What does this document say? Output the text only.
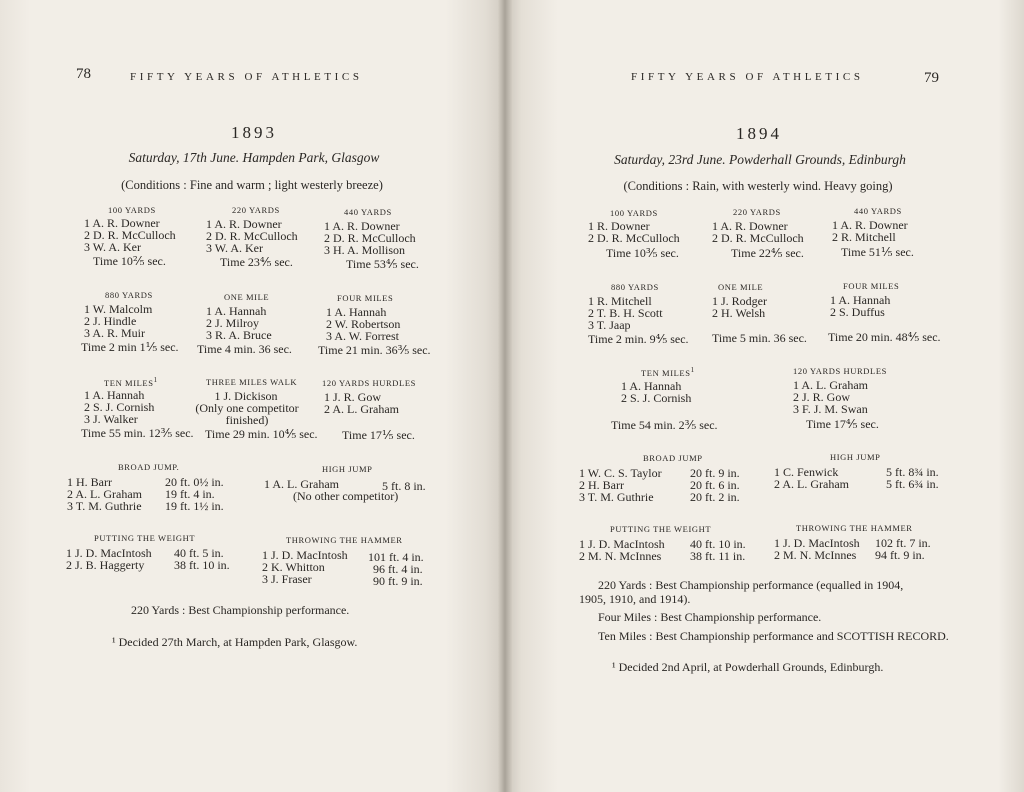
78	FIFTY YEARS OF ATHLETICS
1893
Saturday, 17th June. Hampden Park, Glasgow
(Conditions : Fine and warm ; light westerly breeze)
100 YARDS
1 A. R. Downer
2 D. R. McCulloch
3 W. A. Ker
Time 10⅖ sec.
220 YARDS
1 A. R. Downer
2 D. R. McCulloch
3 W. A. Ker
Time 23⅘ sec.
440 YARDS
1 A. R. Downer
2 D. R. McCulloch
3 H. A. Mollison
Time 53⅘ sec.
880 YARDS
1 W. Malcolm
2 J. Hindle
3 A. R. Muir
Time 2 min 1⅕ sec.
ONE MILE
1 A. Hannah
2 J. Milroy
3 R. A. Bruce
Time 4 min. 36 sec.
FOUR MILES
1 A. Hannah
2 W. Robertson
3 A. W. Forrest
Time 21 min. 36⅗ sec.
TEN MILES$^1$
1 A. Hannah
2 S. J. Cornish
3 J. Walker
Time 55 min. 12⅗ sec.
THREE MILES WALK
1 J. Dickison
(Only one competitor
finished)
Time 29 min. 10⅘ sec.
120 YARDS HURDLES
1 J. R. Gow
2 A. L. Graham
Time 17⅕ sec.
BROAD JUMP.
1 H. Barr	20 ft. 0½ in.
2 A. L. Graham 19 ft. 4 in.
3 T. M. Guthrie 19 ft. 1½ in.
HIGH JUMP
1 A. L. Graham	5 ft. 8 in.
(No other competitor)
PUTTING THE WEIGHT
1 J. D. MacIntosh 40 ft. 5 in.
2 J. B. Haggerty 38 ft. 10 in.
THROWING THE HAMMER
1 J. D. MacIntosh 101 ft. 4 in.
2 K. Whitton	96 ft. 4 in.
3 J. Fraser	90 ft. 9 in.
220 Yards : Best Championship performance.
¹ Decided 27th March, at Hampden Park, Glasgow.
FIFTY YEARS OF ATHLETICS	79
1894
Saturday, 23rd June. Powderhall Grounds, Edinburgh
(Conditions : Rain, with westerly wind. Heavy going)
100 YARDS
1 R. Downer
2 D. R. McCulloch
Time 10⅗ sec.
220 YARDS
1 A. R. Downer
2 D. R. McCulloch
Time 22⅘ sec.
440 YARDS
1 A. R. Downer
2 R. Mitchell
Time 51⅕ sec.
880 YARDS
1 R. Mitchell
2 T. B. H. Scott
3 T. Jaap
Time 2 min. 9⅘ sec.
ONE MILE
1 J. Rodger
2 H. Welsh
Time 5 min. 36 sec.
FOUR MILES
1 A. Hannah
2 S. Duffus
Time 20 min. 48⅘ sec.
TEN MILES$^1$
1 A. Hannah
2 S. J. Cornish
Time 54 min. 2⅗ sec.
120 YARDS HURDLES
1 A. L. Graham
2 J. R. Gow
3 F. J. M. Swan
Time 17⅘ sec.
BROAD JUMP
1 W. C. S. Taylor 20 ft. 9 in.
2 H. Barr	20 ft. 6 in.
3 T. M. Guthrie	20 ft. 2 in.
HIGH JUMP
1 C. Fenwick	5 ft. 8¾ in.
2 A. L. Graham	5 ft. 6¾ in.
PUTTING THE WEIGHT
1 J. D. MacIntosh 40 ft. 10 in.
2 M. N. McInnes 38 ft. 11 in.
THROWING THE HAMMER
1 J. D. MacIntosh 102 ft. 7 in.
2 M. N. McInnes 94 ft. 9 in.
220 Yards : Best Championship performance (equalled in 1904,
1905, 1910, and 1914).
Four Miles : Best Championship performance.
Ten Miles : Best Championship performance and SCOTTISH RECORD.
¹ Decided 2nd April, at Powderhall Grounds, Edinburgh.
